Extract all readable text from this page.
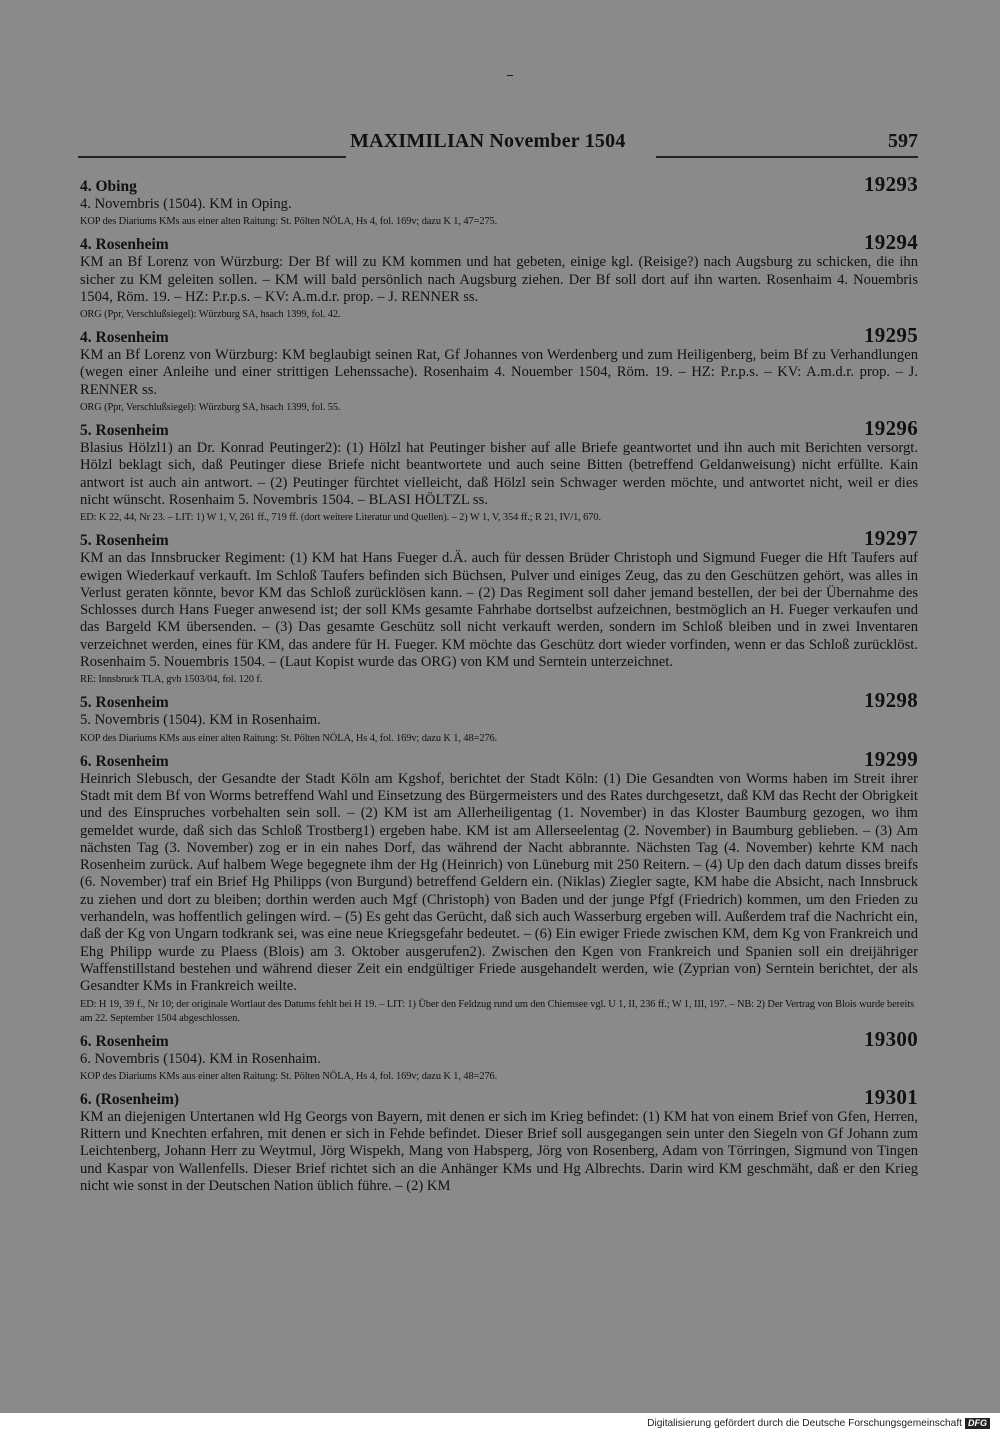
MAXIMILIAN November 1504	597
4. Obing	19293
4. Novembris (1504). KM in Oping.
KOP des Diariums KMs aus einer alten Raitung: St. Pölten NÖLA, Hs 4, fol. 169v; dazu K 1, 47=275.
4. Rosenheim	19294
KM an Bf Lorenz von Würzburg: Der Bf will zu KM kommen und hat gebeten, einige kgl. (Reisige?) nach Augsburg zu schicken, die ihn sicher zu KM geleiten sollen. – KM will bald persönlich nach Augsburg ziehen. Der Bf soll dort auf ihn warten. Rosenhaim 4. Nouembris 1504, Röm. 19. – HZ: P.r.p.s. – KV: A.m.d.r. prop. – J. RENNER ss.
ORG (Ppr, Verschlußsiegel): Würzburg SA, hsach 1399, fol. 42.
4. Rosenheim	19295
KM an Bf Lorenz von Würzburg: KM beglaubigt seinen Rat, Gf Johannes von Werdenberg und zum Heiligenberg, beim Bf zu Verhandlungen (wegen einer Anleihe und einer strittigen Lehenssache). Rosenhaim 4. Nouember 1504, Röm. 19. – HZ: P.r.p.s. – KV: A.m.d.r. prop. – J. RENNER ss.
ORG (Ppr, Verschlußsiegel): Würzburg SA, hsach 1399, fol. 55.
5. Rosenheim	19296
Blasius Hölzl1) an Dr. Konrad Peutinger2): (1) Hölzl hat Peutinger bisher auf alle Briefe geantwortet und ihn auch mit Berichten versorgt. Hölzl beklagt sich, daß Peutinger diese Briefe nicht beantwortete und auch seine Bitten (betreffend Geldanweisung) nicht erfüllte. Kain antwort ist auch ain antwort. – (2) Peutinger fürchtet vielleicht, daß Hölzl sein Schwager werden möchte, und antwortet nicht, weil er dies nicht wünscht. Rosenhaim 5. Novembris 1504. – BLASI HÖLTZL ss.
ED: K 22, 44, Nr 23. – LIT: 1) W 1, V, 261 ff., 719 ff. (dort weitere Literatur und Quellen). – 2) W 1, V, 354 ff.; R 21, IV/1, 670.
5. Rosenheim	19297
KM an das Innsbrucker Regiment: (1) KM hat Hans Fueger d.Ä. auch für dessen Brüder Christoph und Sigmund Fueger die Hft Taufers auf ewigen Wiederkauf verkauft. Im Schloß Taufers befinden sich Büchsen, Pulver und einiges Zeug, das zu den Geschützen gehört, was alles in Verlust geraten könnte, bevor KM das Schloß zurücklösen kann. – (2) Das Regiment soll daher jemand bestellen, der bei der Übernahme des Schlosses durch Hans Fueger anwesend ist; der soll KMs gesamte Fahrhabe dortselbst aufzeichnen, bestmöglich an H. Fueger verkaufen und das Bargeld KM übersenden. – (3) Das gesamte Geschütz soll nicht verkauft werden, sondern im Schloß bleiben und in zwei Inventaren verzeichnet werden, eines für KM, das andere für H. Fueger. KM möchte das Geschütz dort wieder vorfinden, wenn er das Schloß zurücklöst. Rosenhaim 5. Nouembris 1504. – (Laut Kopist wurde das ORG) von KM und Serntein unterzeichnet.
RE: Innsbruck TLA, gvb 1503/04, fol. 120 f.
5. Rosenheim	19298
5. Novembris (1504). KM in Rosenhaim.
KOP des Diariums KMs aus einer alten Raitung: St. Pölten NÖLA, Hs 4, fol. 169v; dazu K 1, 48=276.
6. Rosenheim	19299
Heinrich Slebusch, der Gesandte der Stadt Köln am Kgshof, berichtet der Stadt Köln: (1) Die Gesandten von Worms haben im Streit ihrer Stadt mit dem Bf von Worms betreffend Wahl und Einsetzung des Bürgermeisters und des Rates durchgesetzt, daß KM das Recht der Obrigkeit und des Einspruches vorbehalten sein soll. – (2) KM ist am Allerheiligentag (1. November) in das Kloster Baumburg gezogen, wo ihm gemeldet wurde, daß sich das Schloß Trostberg1) ergeben habe. KM ist am Allerseelentag (2. November) in Baumburg geblieben. – (3) Am nächsten Tag (3. November) zog er in ein nahes Dorf, das während der Nacht abbrannte. Nächsten Tag (4. November) kehrte KM nach Rosenheim zurück. Auf halbem Wege begegnete ihm der Hg (Heinrich) von Lüneburg mit 250 Reitern. – (4) Up den dach datum disses breifs (6. November) traf ein Brief Hg Philipps (von Burgund) betreffend Geldern ein. (Niklas) Ziegler sagte, KM habe die Absicht, nach Innsbruck zu ziehen und dort zu bleiben; dorthin werden auch Mgf (Christoph) von Baden und der junge Pfgf (Friedrich) kommen, um den Frieden zu verhandeln, was hoffentlich gelingen wird. – (5) Es geht das Gerücht, daß sich auch Wasserburg ergeben will. Außerdem traf die Nachricht ein, daß der Kg von Ungarn todkrank sei, was eine neue Kriegsgefahr bedeutet. – (6) Ein ewiger Friede zwischen KM, dem Kg von Frankreich und Ehg Philipp wurde zu Plaess (Blois) am 3. Oktober ausgerufen2). Zwischen den Kgen von Frankreich und Spanien soll ein dreijähriger Waffenstillstand bestehen und während dieser Zeit ein endgültiger Friede ausgehandelt werden, wie (Zyprian von) Serntein berichtet, der als Gesandter KMs in Frankreich weilte.
ED: H 19, 39 f., Nr 10; der originale Wortlaut des Datums fehlt bei H 19. – LIT: 1) Über den Feldzug rund um den Chiemsee vgl. U 1, II, 236 ff.; W 1, III, 197. – NB: 2) Der Vertrag von Blois wurde bereits am 22. September 1504 abgeschlossen.
6. Rosenheim	19300
6. Novembris (1504). KM in Rosenhaim.
KOP des Diariums KMs aus einer alten Raitung: St. Pölten NÖLA, Hs 4, fol. 169v; dazu K 1, 48=276.
6. (Rosenheim)	19301
KM an diejenigen Untertanen wld Hg Georgs von Bayern, mit denen er sich im Krieg befindet: (1) KM hat von einem Brief von Gfen, Herren, Rittern und Knechten erfahren, mit denen er sich in Fehde befindet. Dieser Brief soll ausgegangen sein unter den Siegeln von Gf Johann zum Leichtenberg, Johann Herr zu Weytmul, Jörg Wispekh, Mang von Habsperg, Jörg von Rosenberg, Adam von Törringen, Sigmund von Tingen und Kaspar von Wallenfells. Dieser Brief richtet sich an die Anhänger KMs und Hg Albrechts. Darin wird KM geschmäht, daß er den Krieg nicht wie sonst in der Deutschen Nation üblich führe. – (2) KM
Digitalisierung gefördert durch die Deutsche Forschungsgemeinschaft DFG
